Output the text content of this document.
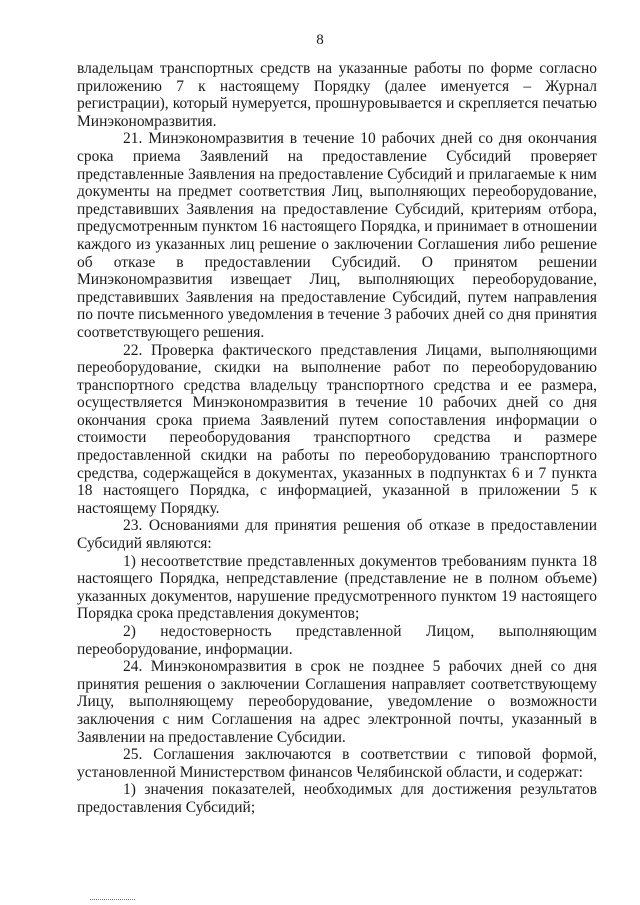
8

владельцам транспортных средств на указанные работы по форме согласно приложению 7 к настоящему Порядку (далее именуется – Журнал регистрации), который нумеруется, прошнуровывается и скрепляется печатью Минэкономразвития.

21. Минэкономразвития в течение 10 рабочих дней со дня окончания срока приема Заявлений на предоставление Субсидий проверяет представленные Заявления на предоставление Субсидий и прилагаемые к ним документы на предмет соответствия Лиц, выполняющих переоборудование, представивших Заявления на предоставление Субсидий, критериям отбора, предусмотренным пунктом 16 настоящего Порядка, и принимает в отношении каждого из указанных лиц решение о заключении Соглашения либо решение об отказе в предоставлении Субсидий. О принятом решении Минэкономразвития извещает Лиц, выполняющих переоборудование, представивших Заявления на предоставление Субсидий, путем направления по почте письменного уведомления в течение 3 рабочих дней со дня принятия соответствующего решения.

22. Проверка фактического представления Лицами, выполняющими переоборудование, скидки на выполнение работ по переоборудованию транспортного средства владельцу транспортного средства и ее размера, осуществляется Минэкономразвития в течение 10 рабочих дней со дня окончания срока приема Заявлений путем сопоставления информации о стоимости переоборудования транспортного средства и размере предоставленной скидки на работы по переоборудованию транспортного средства, содержащейся в документах, указанных в подпунктах 6 и 7 пункта 18 настоящего Порядка, с информацией, указанной в приложении 5 к настоящему Порядку.

23. Основаниями для принятия решения об отказе в предоставлении Субсидий являются:

1) несоответствие представленных документов требованиям пункта 18 настоящего Порядка, непредставление (представление не в полном объеме) указанных документов, нарушение предусмотренного пунктом 19 настоящего Порядка срока представления документов;

2) недостоверность представленной Лицом, выполняющим переоборудование, информации.

24. Минэкономразвития в срок не позднее 5 рабочих дней со дня принятия решения о заключении Соглашения направляет соответствующему Лицу, выполняющему переоборудование, уведомление о возможности заключения с ним Соглашения на адрес электронной почты, указанный в Заявлении на предоставление Субсидии.

25. Соглашения заключаются в соответствии с типовой формой, установленной Министерством финансов Челябинской области, и содержат:

1) значения показателей, необходимых для достижения результатов предоставления Субсидий;
